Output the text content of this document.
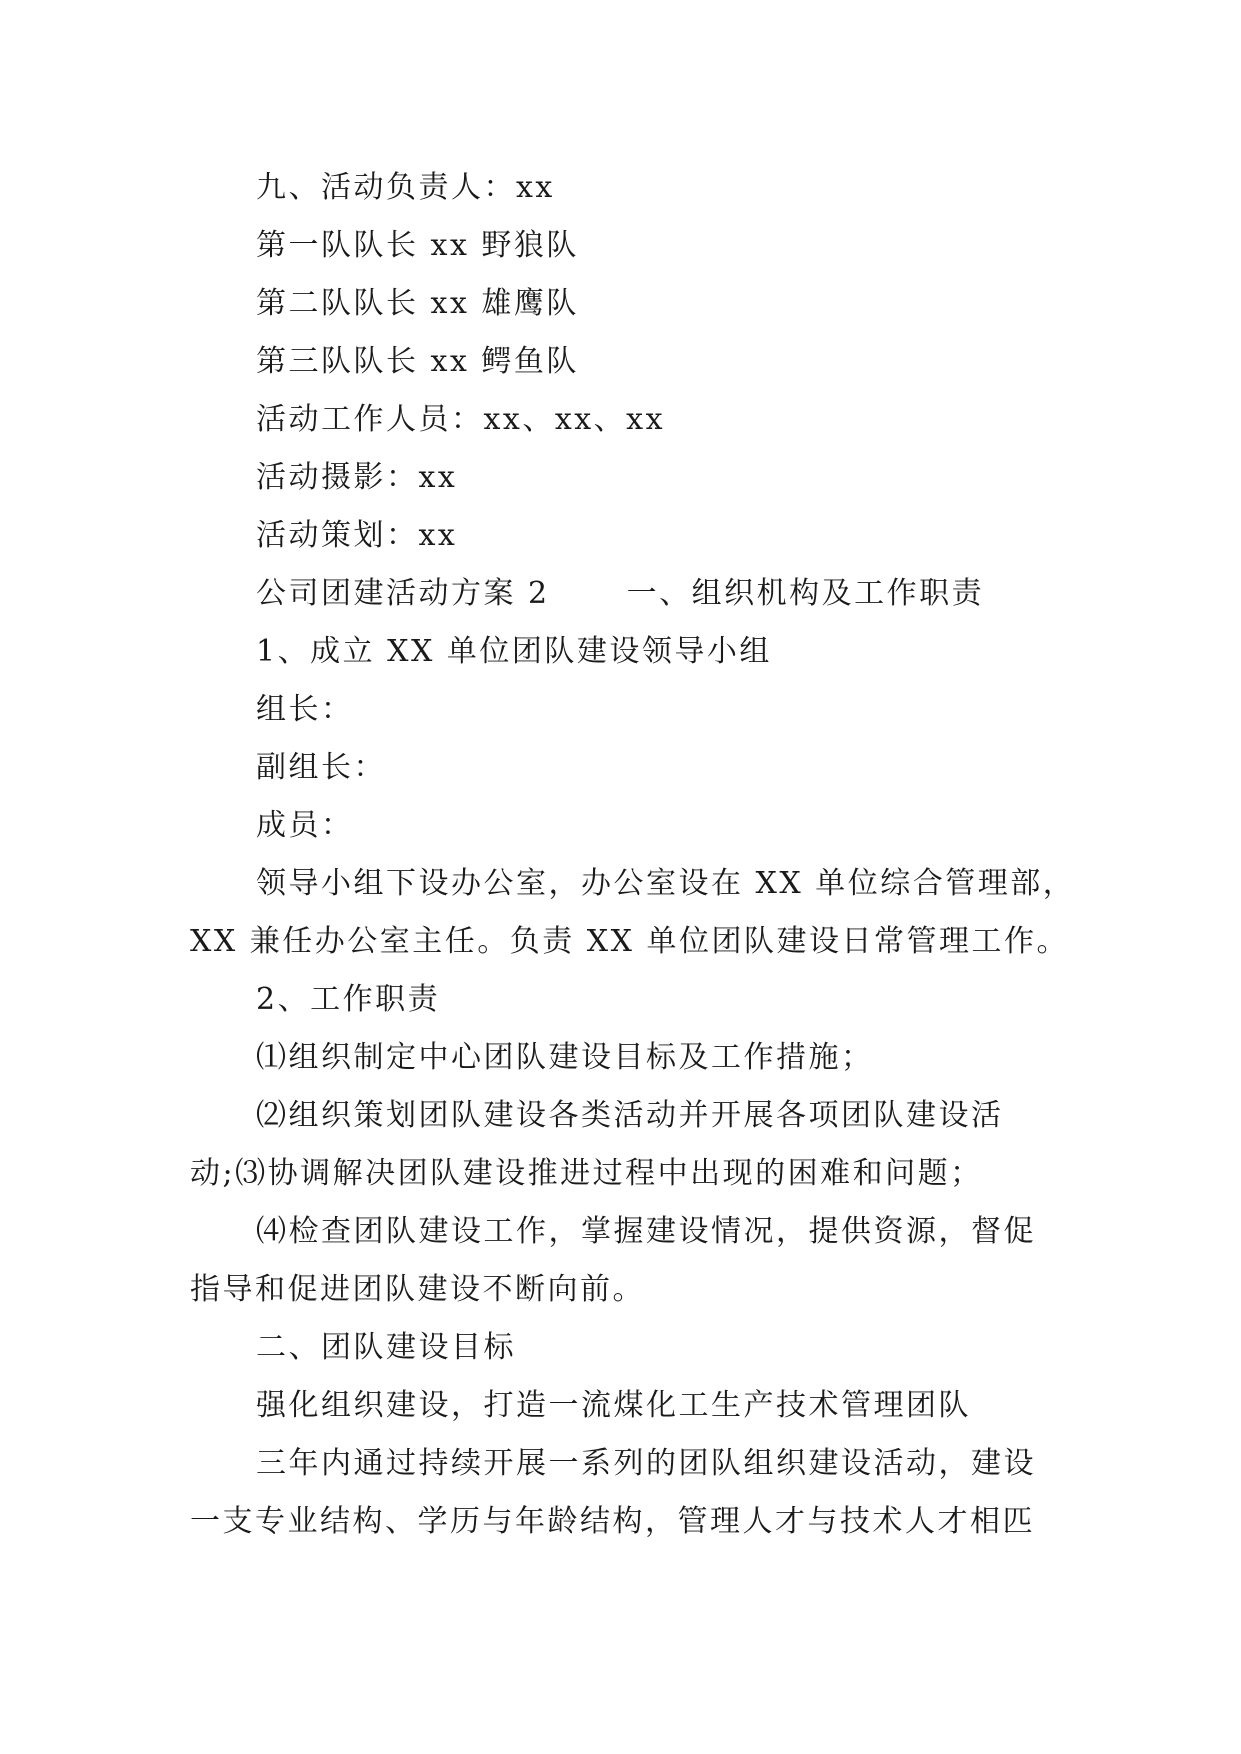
九、活动负责人：xx
第一队队长 xx 野狼队
第二队队长 xx 雄鹰队
第三队队长 xx 鳄鱼队
活动工作人员：xx、xx、xx
活动摄影：xx
活动策划：xx
公司团建活动方案 2　　 一、组织机构及工作职责
1、成立 XX 单位团队建设领导小组
组长：
副组长：
成员：
领导小组下设办公室，办公室设在 XX 单位综合管理部，
XX 兼任办公室主任。负责 XX 单位团队建设日常管理工作。
2、工作职责
⑴组织制定中心团队建设目标及工作措施；
⑵组织策划团队建设各类活动并开展各项团队建设活
动;⑶协调解决团队建设推进过程中出现的困难和问题；
⑷检查团队建设工作，掌握建设情况，提供资源，督促
指导和促进团队建设不断向前。
二、团队建设目标
强化组织建设，打造一流煤化工生产技术管理团队
三年内通过持续开展一系列的团队组织建设活动，建设
一支专业结构、学历与年龄结构，管理人才与技术人才相匹
